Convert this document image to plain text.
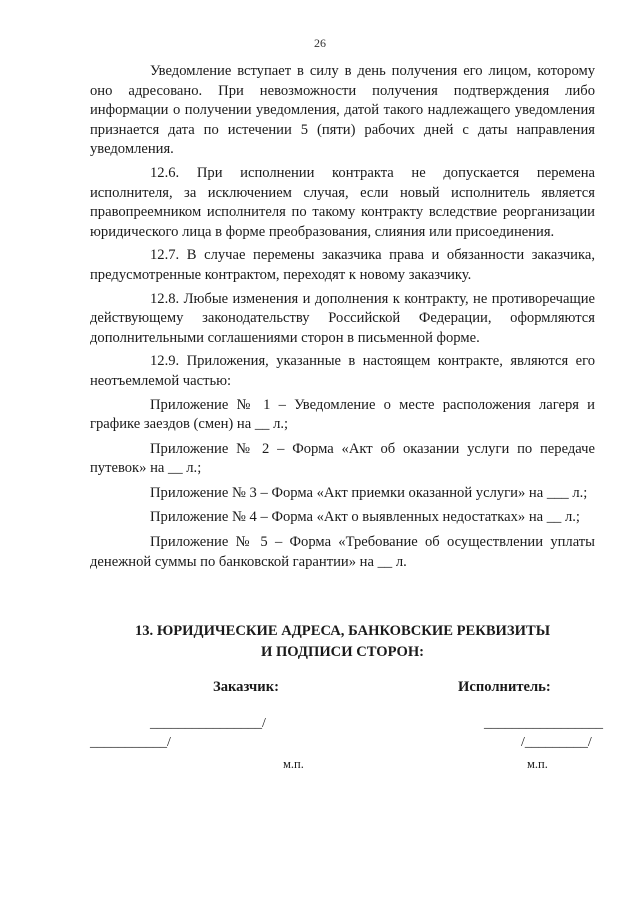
26

Уведомление вступает в силу в день получения его лицом, которому оно адресовано. При невозможности получения подтверждения либо информации о получении уведомления, датой такого надлежащего уведомления признается дата по истечении 5 (пяти) рабочих дней с даты направления уведомления.

12.6. При исполнении контракта не допускается перемена исполнителя, за исключением случая, если новый исполнитель является правопреемником исполнителя по такому контракту вследствие реорганизации юридического лица в форме преобразования, слияния или присоединения.

12.7. В случае перемены заказчика права и обязанности заказчика, предусмотренные контрактом, переходят к новому заказчику.

12.8. Любые изменения и дополнения к контракту, не противоречащие действующему законодательству Российской Федерации, оформляются дополнительными соглашениями сторон в письменной форме.

12.9. Приложения, указанные в настоящем контракте, являются его неотъемлемой частью:

Приложение № 1 – Уведомление о месте расположения лагеря и графике заездов (смен) на __ л.;

Приложение № 2 – Форма «Акт об оказании услуги по передаче путевок» на __ л.;

Приложение № 3 – Форма «Акт приемки оказанной услуги» на ___ л.;

Приложение № 4 – Форма «Акт о выявленных недостатках» на __ л.;

Приложение № 5 – Форма «Требование об осуществлении уплаты денежной суммы по банковской гарантии» на __ л.

13. ЮРИДИЧЕСКИЕ АДРЕСА, БАНКОВСКИЕ РЕКВИЗИТЫ
И ПОДПИСИ СТОРОН:
Заказчик:	Исполнитель:
________________/
___________/
_________________
/_________/
м.п.	м.п.
